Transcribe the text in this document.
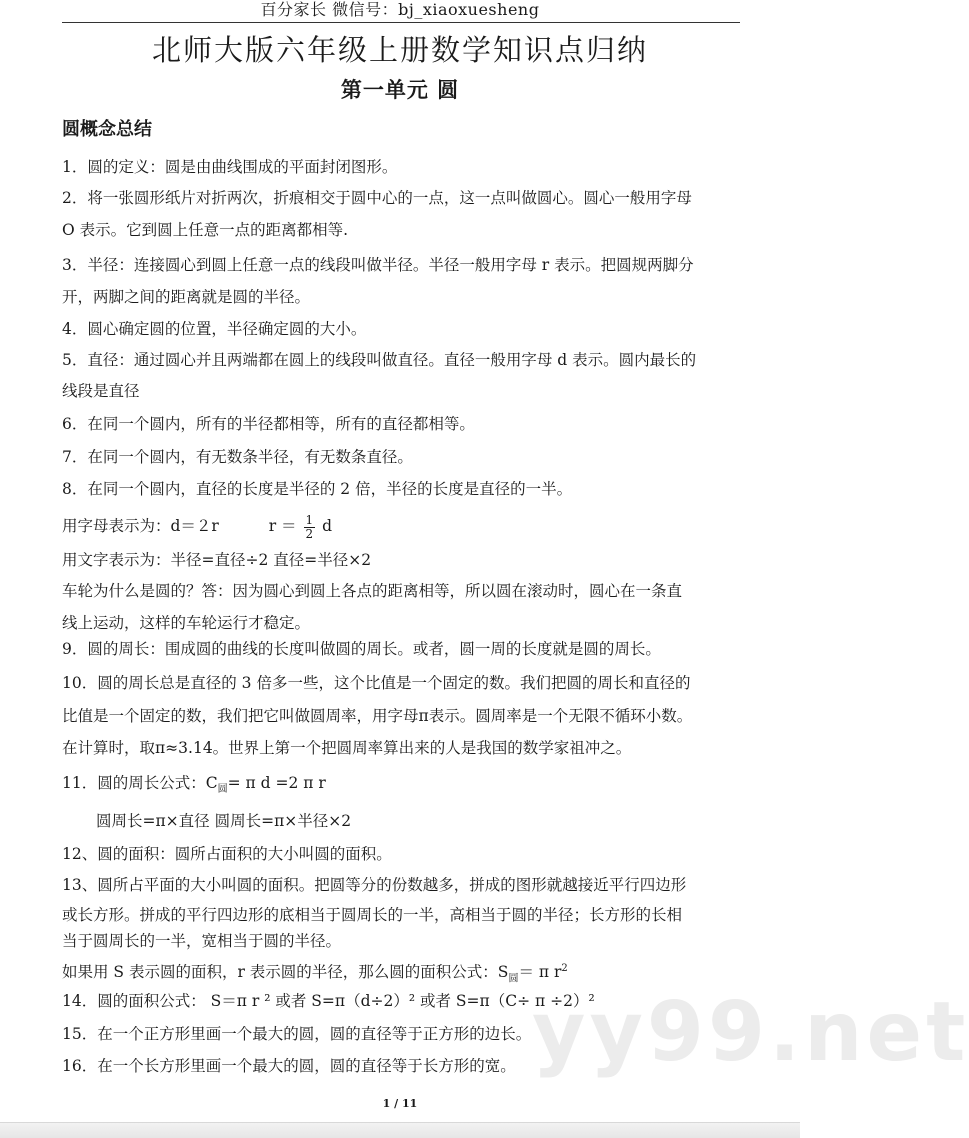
yy99.net
百分家长 微信号：bj_xiaoxuesheng
北师大版六年级上册数学知识点归纳
第一单元 圆
圆概念总结
1．圆的定义：圆是由曲线围成的平面封闭图形。
2．将一张圆形纸片对折两次，折痕相交于圆中心的一点，这一点叫做圆心。圆心一般用字母
O 表示。它到圆上任意一点的距离都相等.
3．半径：连接圆心到圆上任意一点的线段叫做半径。半径一般用字母 r 表示。把圆规两脚分
开，两脚之间的距离就是圆的半径。
4．圆心确定圆的位置，半径确定圆的大小。
5．直径：通过圆心并且两端都在圆上的线段叫做直径。直径一般用字母 d 表示。圆内最长的
线段是直径
6．在同一个圆内，所有的半径都相等，所有的直径都相等。
7．在同一个圆内，有无数条半径，有无数条直径。
8．在同一个圆内，直径的长度是半径的 2 倍，半径的长度是直径的一半。
用字母表示为：d＝２r	$r = \frac{1}{2}$ d
用文字表示为：半径=直径÷2 直径=半径×2
车轮为什么是圆的？答：因为圆心到圆上各点的距离相等，所以圆在滚动时，圆心在一条直
线上运动，这样的车轮运行才稳定。
9．圆的周长：围成圆的曲线的长度叫做圆的周长。或者，圆一周的长度就是圆的周长。
10．圆的周长总是直径的 3 倍多一些，这个比值是一个固定的数。我们把圆的周长和直径的
比值是一个固定的数，我们把它叫做圆周率，用字母π表示。圆周率是一个无限不循环小数。
在计算时，取π≈3.14。世界上第一个把圆周率算出来的人是我国的数学家祖冲之。
11．圆的周长公式：$C_圆= \pi$ d =2 π r
圆周长=π×直径 圆周长=π×半径×2
12、圆的面积：圆所占面积的大小叫圆的面积。
13、圆所占平面的大小叫圆的面积。把圆等分的份数越多，拼成的图形就越接近平行四边形
或长方形。拼成的平行四边形的底相当于圆周长的一半，高相当于圆的半径；长方形的长相
当于圆周长的一半，宽相当于圆的半径。
如果用 S 表示圆的面积，r 表示圆的半径，那么圆的面积公式：$S_圆= \pi$ $r^2$
14．圆的面积公式： S＝π r ² 或者 S=π（d÷2）² 或者 S=π（C÷ π ÷2）²
15．在一个正方形里画一个最大的圆，圆的直径等于正方形的边长。
16．在一个长方形里画一个最大的圆，圆的直径等于长方形的宽。
1 / 11
